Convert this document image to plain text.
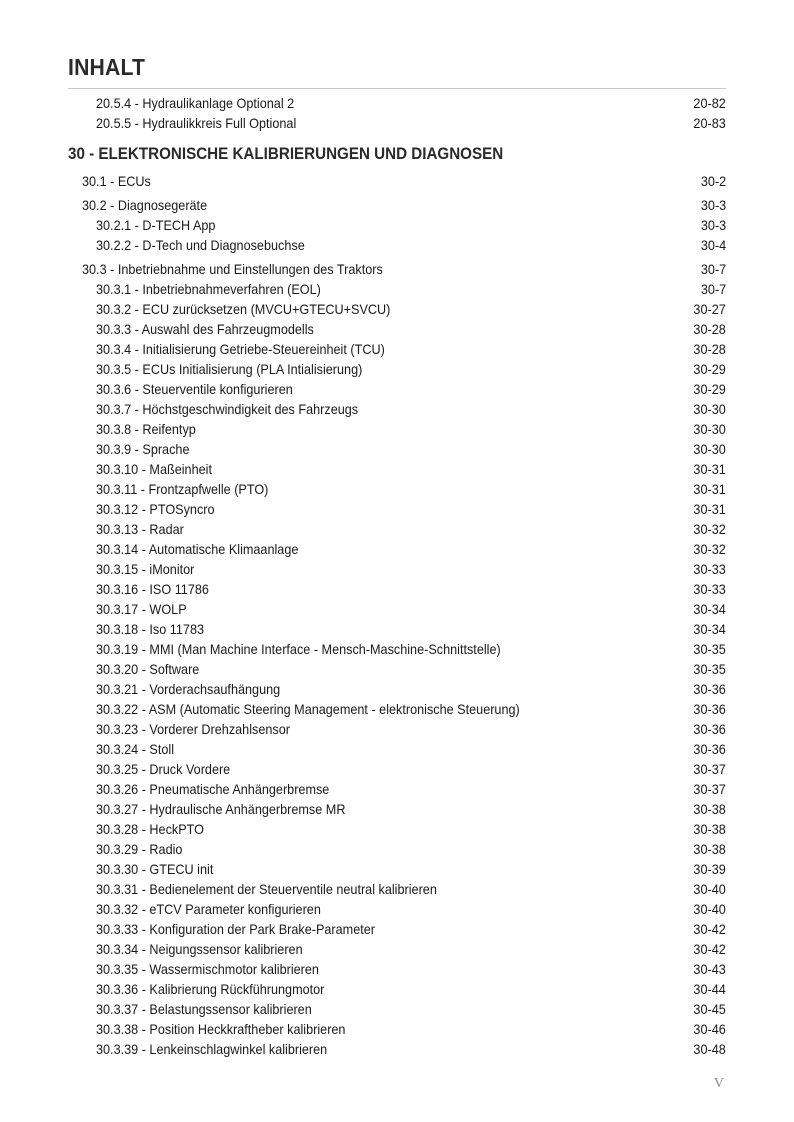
INHALT
20.5.4 - Hydraulikanlage Optional 2	20-82
20.5.5 - Hydraulikkreis Full Optional	20-83
30 - ELEKTRONISCHE KALIBRIERUNGEN UND DIAGNOSEN
30.1 - ECUs	30-2
30.2 - Diagnosegeräte	30-3
30.2.1 - D-TECH App	30-3
30.2.2 - D-Tech und Diagnosebuchse	30-4
30.3 - Inbetriebnahme und Einstellungen des Traktors	30-7
30.3.1 - Inbetriebnahmeverfahren (EOL)	30-7
30.3.2 - ECU zurücksetzen (MVCU+GTECU+SVCU)	30-27
30.3.3 - Auswahl des Fahrzeugmodells	30-28
30.3.4 - Initialisierung Getriebe-Steuereinheit (TCU)	30-28
30.3.5 - ECUs Initialisierung (PLA Intialisierung)	30-29
30.3.6 - Steuerventile konfigurieren	30-29
30.3.7 - Höchstgeschwindigkeit des Fahrzeugs	30-30
30.3.8 - Reifentyp	30-30
30.3.9 - Sprache	30-30
30.3.10 - Maßeinheit	30-31
30.3.11 - Frontzapfwelle (PTO)	30-31
30.3.12 - PTOSyncro	30-31
30.3.13 - Radar	30-32
30.3.14 - Automatische Klimaanlage	30-32
30.3.15 - iMonitor	30-33
30.3.16 - ISO 11786	30-33
30.3.17 - WOLP	30-34
30.3.18 - Iso 11783	30-34
30.3.19 - MMI (Man Machine Interface - Mensch-Maschine-Schnittstelle)	30-35
30.3.20 - Software	30-35
30.3.21 - Vorderachsaufhängung	30-36
30.3.22 - ASM (Automatic Steering Management - elektronische Steuerung)	30-36
30.3.23 - Vorderer Drehzahlsensor	30-36
30.3.24 - Stoll	30-36
30.3.25 - Druck Vordere	30-37
30.3.26 - Pneumatische Anhängerbremse	30-37
30.3.27 - Hydraulische Anhängerbremse MR	30-38
30.3.28 - HeckPTO	30-38
30.3.29 - Radio	30-38
30.3.30 - GTECU init	30-39
30.3.31 - Bedienelement der Steuerventile neutral kalibrieren	30-40
30.3.32 - eTCV Parameter konfigurieren	30-40
30.3.33 - Konfiguration der Park Brake-Parameter	30-42
30.3.34 - Neigungssensor kalibrieren	30-42
30.3.35 - Wassermischmotor kalibrieren	30-43
30.3.36 - Kalibrierung Rückführungmotor	30-44
30.3.37 - Belastungssensor kalibrieren	30-45
30.3.38 - Position Heckkraftheber kalibrieren	30-46
30.3.39 - Lenkeinschlagwinkel kalibrieren	30-48
V
